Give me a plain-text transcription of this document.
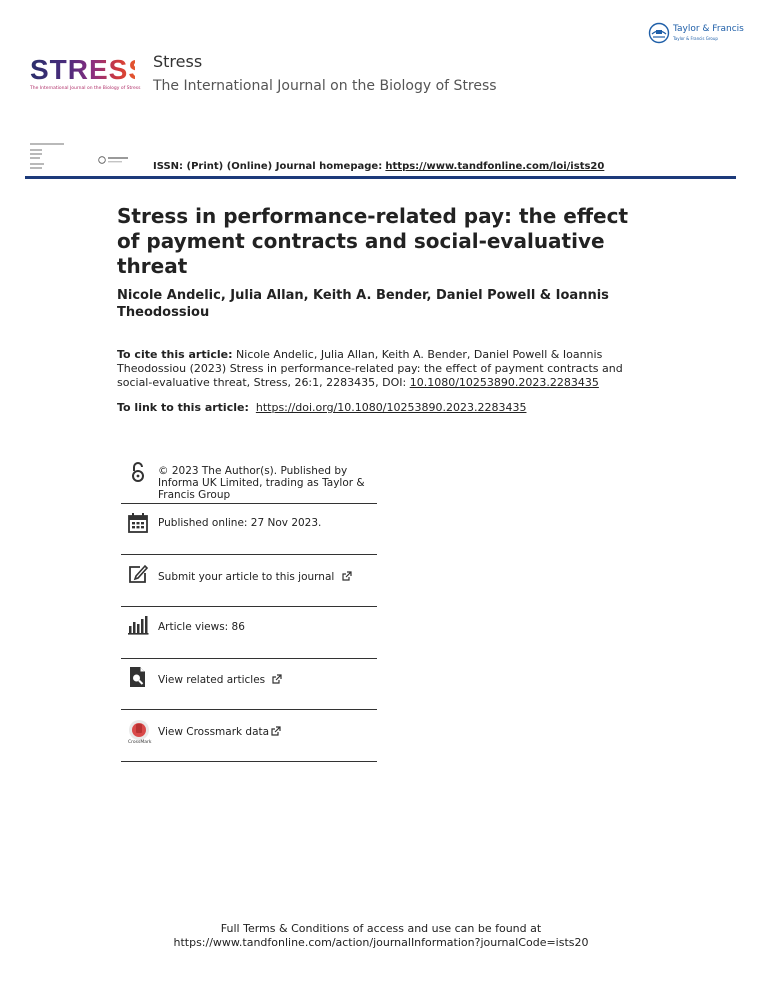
STRESS
The International Journal on the Biology of Stress
Stress
The International Journal on the Biology of Stress
Taylor & Francis
Taylor & Francis Group
ISSN: (Print) (Online) Journal homepage: https://www.tandfonline.com/loi/ists20
Stress in performance-related pay: the effect of payment contracts and social-evaluative threat
Nicole Andelic, Julia Allan, Keith A. Bender, Daniel Powell & Ioannis Theodossiou
To cite this article: Nicole Andelic, Julia Allan, Keith A. Bender, Daniel Powell & Ioannis Theodossiou (2023) Stress in performance-related pay: the effect of payment contracts and social-evaluative threat, Stress, 26:1, 2283435, DOI: 10.1080/10253890.2023.2283435
To link to this article: https://doi.org/10.1080/10253890.2023.2283435
© 2023 The Author(s). Published by Informa UK Limited, trading as Taylor & Francis Group
Published online: 27 Nov 2023.
Submit your article to this journal
Article views: 86
View related articles
CrossMark
View Crossmark data
Full Terms & Conditions of access and use can be found at
https://www.tandfonline.com/action/journalInformation?journalCode=ists20
